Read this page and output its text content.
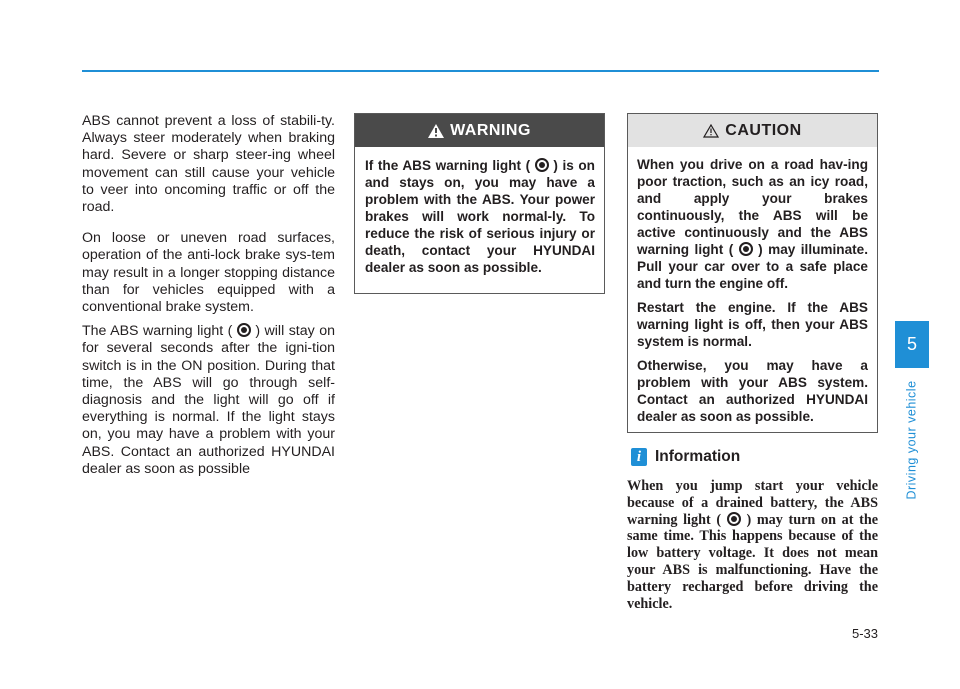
ABS cannot prevent a loss of stabili-ty. Always steer moderately when braking hard. Severe or sharp steer-ing wheel movement can still cause your vehicle to veer into oncoming traffic or off the road.

On loose or uneven road surfaces, operation of the anti-lock brake sys-tem may result in a longer stopping distance than for vehicles equipped with a conventional brake system.

The ABS warning light ( ) will stay on for several seconds after the igni-tion switch is in the ON position. During that time, the ABS will go through self-diagnosis and the light will go off if everything is normal. If the light stays on, you may have a problem with your ABS. Contact an authorized HYUNDAI dealer as soon as possible

WARNING
If the ABS warning light ( ) is on and stays on, you may have a problem with the ABS. Your power brakes will work normal-ly. To reduce the risk of serious injury or death, contact your HYUNDAI dealer as soon as possible.
CAUTION

When you drive on a road hav-ing poor traction, such as an icy road, and apply your brakes continuously, the ABS will be active continuously and the ABS warning light ( ) may illuminate. Pull your car over to a safe place and turn the engine off.

Restart the engine. If the ABS warning light is off, then your ABS system is normal.

Otherwise, you may have a problem with your ABS system. Contact an authorized HYUNDAI dealer as soon as possible.

i Information
When you jump start your vehicle because of a drained battery, the ABS warning light ( ) may turn on at the same time. This happens because of the low battery voltage. It does not mean your ABS is malfunctioning. Have the battery recharged before driving the vehicle.
5
Driving your vehicle
5-33
